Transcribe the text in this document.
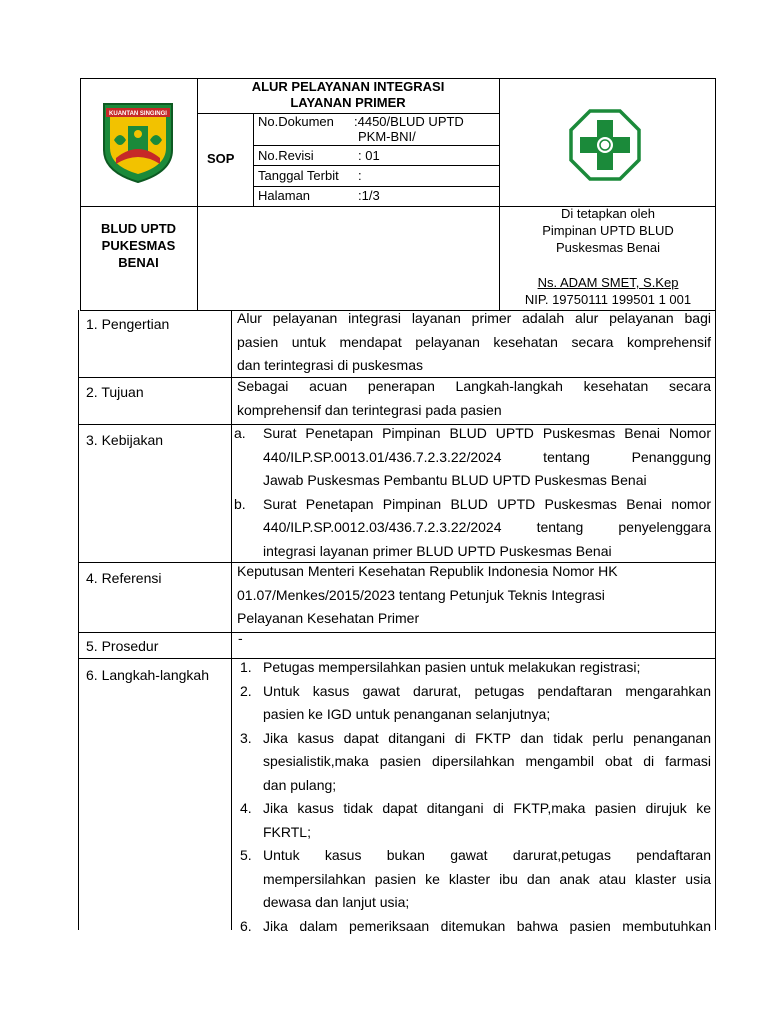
KUANTAN SINGINGI
ALUR PELAYANAN INTEGRASI
LAYANAN PRIMER
SOP
No.Dokumen :4450/BLUD UPTD
PKM-BNI/
No.Revisi	: 01
Tanggal Terbit :
Halaman	:1/3
BLUD UPTD
PUKESMAS
BENAI
Di tetapkan oleh
Pimpinan UPTD BLUD
Puskesmas Benai
Ns. ADAM SMET, S.Kep
NIP. 19750111 199501 1 001
1. Pengertian	Alur pelayanan integrasi layanan primer adalah alur pelayanan bagi
pasien untuk mendapat pelayanan kesehatan secara komprehensif
dan terintegrasi di puskesmas
2. Tujuan	Sebagai acuan penerapan Langkah-langkah kesehatan secara
komprehensif dan terintegrasi pada pasien
3. Kebijakan	a. Surat Penetapan Pimpinan BLUD UPTD Puskesmas Benai Nomor
440/ILP.SP.0013.01/436.7.2.3.22/2024 tentang Penanggung
Jawab Puskesmas Pembantu BLUD UPTD Puskesmas Benai
b. Surat Penetapan Pimpinan BLUD UPTD Puskesmas Benai nomor
440/ILP.SP.0012.03/436.7.2.3.22/2024 tentang penyelenggara
integrasi layanan primer BLUD UPTD Puskesmas Benai
4. Referensi	Keputusan Menteri Kesehatan Republik Indonesia Nomor HK
01.07/Menkes/2015/2023 tentang Petunjuk Teknis Integrasi
Pelayanan Kesehatan Primer
5. Prosedur	-
6. Langkah-langkah 1. Petugas mempersilahkan pasien untuk melakukan registrasi;
2. Untuk kasus gawat darurat, petugas pendaftaran mengarahkan
pasien ke IGD untuk penanganan selanjutnya;
3. Jika kasus dapat ditangani di FKTP dan tidak perlu penanganan
spesialistik,maka pasien dipersilahkan mengambil obat di farmasi
dan pulang;
4. Jika kasus tidak dapat ditangani di FKTP,maka pasien dirujuk ke
FKRTL;
5. Untuk kasus bukan gawat darurat,petugas pendaftaran
mempersilahkan pasien ke klaster ibu dan anak atau klaster usia
dewasa dan lanjut usia;
6. Jika dalam pemeriksaan ditemukan bahwa pasien membutuhkan
